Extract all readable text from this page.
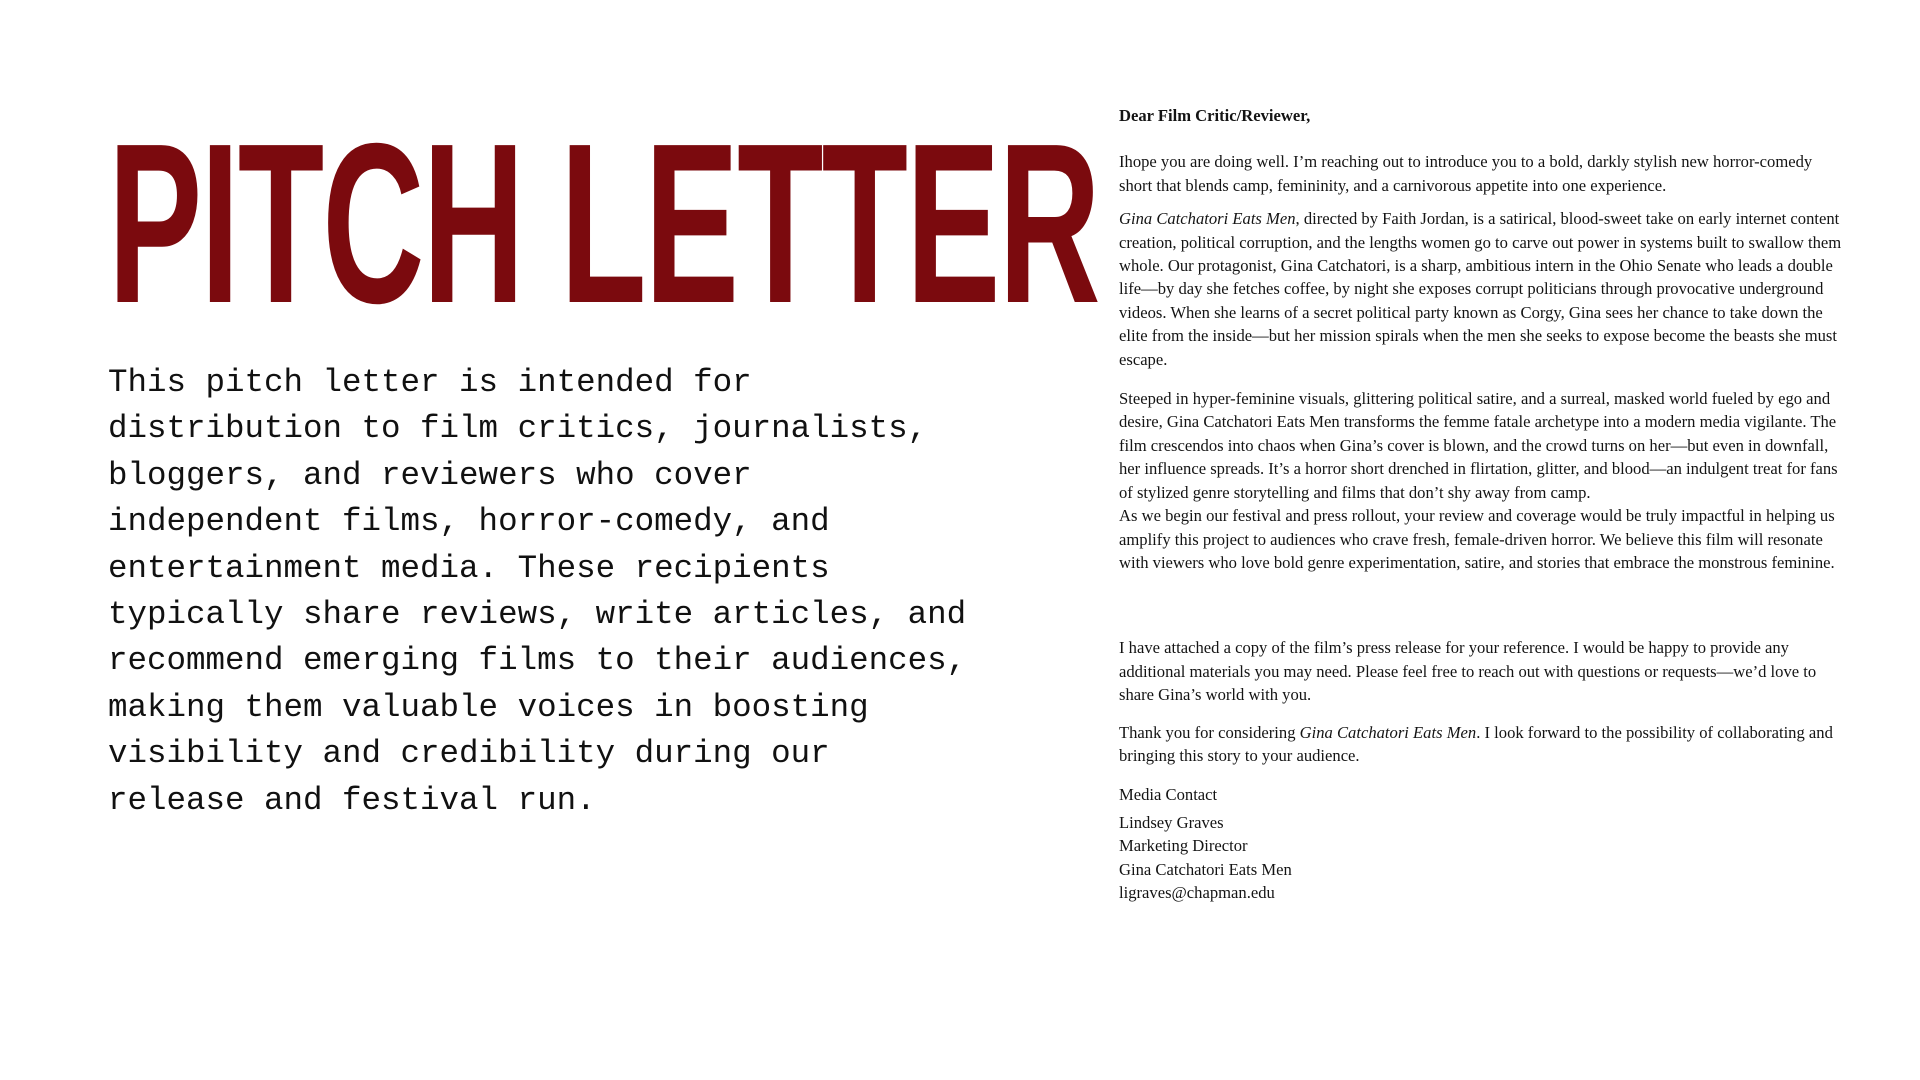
PITCH LETTER

This pitch letter is intended for distribution to film critics, journalists, bloggers, and reviewers who cover independent films, horror-comedy, and entertainment media. These recipients typically share reviews, write articles, and recommend emerging films to their audiences, making them valuable voices in boosting visibility and credibility during our release and festival run.

Dear Film Critic/Reviewer,

Ihope you are doing well. I’m reaching out to introduce you to a bold, darkly stylish new horror-comedy short that blends camp, femininity, and a carnivorous appetite into one experience.

Gina Catchatori Eats Men, directed by Faith Jordan, is a satirical, blood-sweet take on early internet content creation, political corruption, and the lengths women go to carve out power in systems built to swallow them whole. Our protagonist, Gina Catchatori, is a sharp, ambitious intern in the Ohio Senate who leads a double life—by day she fetches coffee, by night she exposes corrupt politicians through provocative underground videos. When she learns of a secret political party known as Corgy, Gina sees her chance to take down the elite from the inside—but her mission spirals when the men she seeks to expose become the beasts she must escape.

Steeped in hyper-feminine visuals, glittering political satire, and a surreal, masked world fueled by ego and desire, Gina Catchatori Eats Men transforms the femme fatale archetype into a modern media vigilante. The film crescendos into chaos when Gina’s cover is blown, and the crowd turns on her—but even in downfall, her influence spreads. It’s a horror short drenched in flirtation, glitter, and blood—an indulgent treat for fans of stylized genre storytelling and films that don’t shy away from camp.

As we begin our festival and press rollout, your review and coverage would be truly impactful in helping us amplify this project to audiences who crave fresh, female-driven horror. We believe this film will resonate with viewers who love bold genre experimentation, satire, and stories that embrace the monstrous feminine.

I have attached a copy of the film’s press release for your reference. I would be happy to provide any additional materials you may need. Please feel free to reach out with questions or requests—we’d love to share Gina’s world with you.

Thank you for considering Gina Catchatori Eats Men. I look forward to the possibility of collaborating and bringing this story to your audience.

Media Contact

Lindsey Graves
Marketing Director
Gina Catchatori Eats Men
ligraves@chapman.edu
